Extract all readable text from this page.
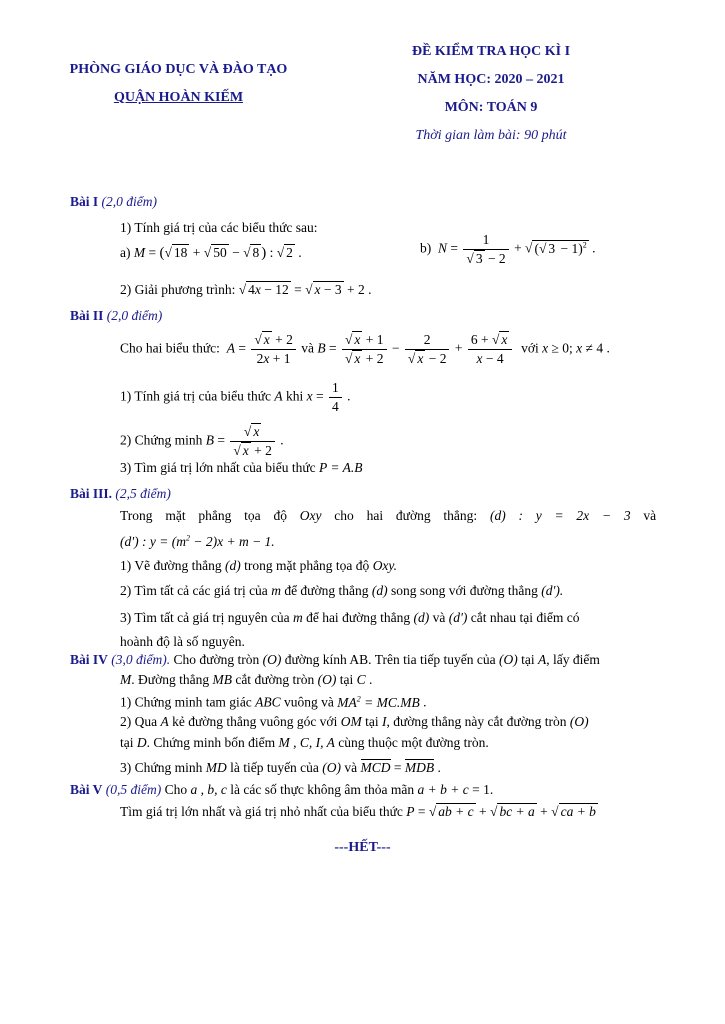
PHÒNG GIÁO DỤC VÀ ĐÀO TẠO
QUẬN HOÀN KIẾM
ĐỀ KIỂM TRA HỌC KÌ I
NĂM HỌC: 2020 – 2021
MÔN: TOÁN 9
Thời gian làm bài: 90 phút
Bài I (2,0 điểm)
1) Tính giá trị của các biểu thức sau:
a) M = (√ 18 + √ 50 − √ 8 ) : √ 2 .	b) $N = \frac{1}{√ 3 - 2}$ + √ (√ 3 − 1)$^2$ .
2) Giải phương trình: √ 4x − 12 = √ x − 3 + 2 .
Bài II (2,0 điểm)
Cho hai biểu thức: $A = \frac{√ x + 2}{2x + 1}$ và $B = \frac{√ x + 1}{√ x + 2} - \frac{2}{√ x - 2} + \frac{6 + √ x}{x - 4}$ với x ≥ 0; x ≠ 4 .
1) Tính giá trị của biểu thức A khi $x = \frac{1}{4}$ .
2) Chứng minh $B = \frac{√ x}{√ x + 2}$ .
3) Tìm giá trị lớn nhất của biểu thức P = A.B
Bài III. (2,5 điểm)
Trong mặt phẳng tọa độ Oxy cho hai đường thẳng: (d) : y = 2x − 3 và
(d') : $y = (m^2 - 2)x + m - 1$.
1) Vẽ đường thẳng (d) trong mặt phẳng tọa độ Oxy.
2) Tìm tất cả các giá trị của m để đường thẳng (d) song song với đường thẳng (d').
3) Tìm tất cả giá trị nguyên của m để hai đường thẳng (d) và (d') cắt nhau tại điểm có
hoành độ là số nguyên.
Bài IV (3,0 điểm). Cho đường tròn (O) đường kính AB. Trên tia tiếp tuyến của (O) tại A, lấy điểm
M. Đường thẳng MB cắt đường tròn (O) tại C .
1) Chứng minh tam giác ABC vuông và $MA^2 = MC.MB$ .
2) Qua A kẻ đường thẳng vuông góc với OM tại I, đường thẳng này cắt đường tròn (O)
tại D. Chứng minh bốn điểm M , C, I, A cùng thuộc một đường tròn.
3) Chứng minh MD là tiếp tuyến của (O) và MCD = MDB .
Bài V (0,5 điểm) Cho a , b, c là các số thực không âm thỏa mãn a + b + c = 1.
Tìm giá trị lớn nhất và giá trị nhỏ nhất của biểu thức P = √ ab + c + √ bc + a + √ ca + b
---HẾT---
